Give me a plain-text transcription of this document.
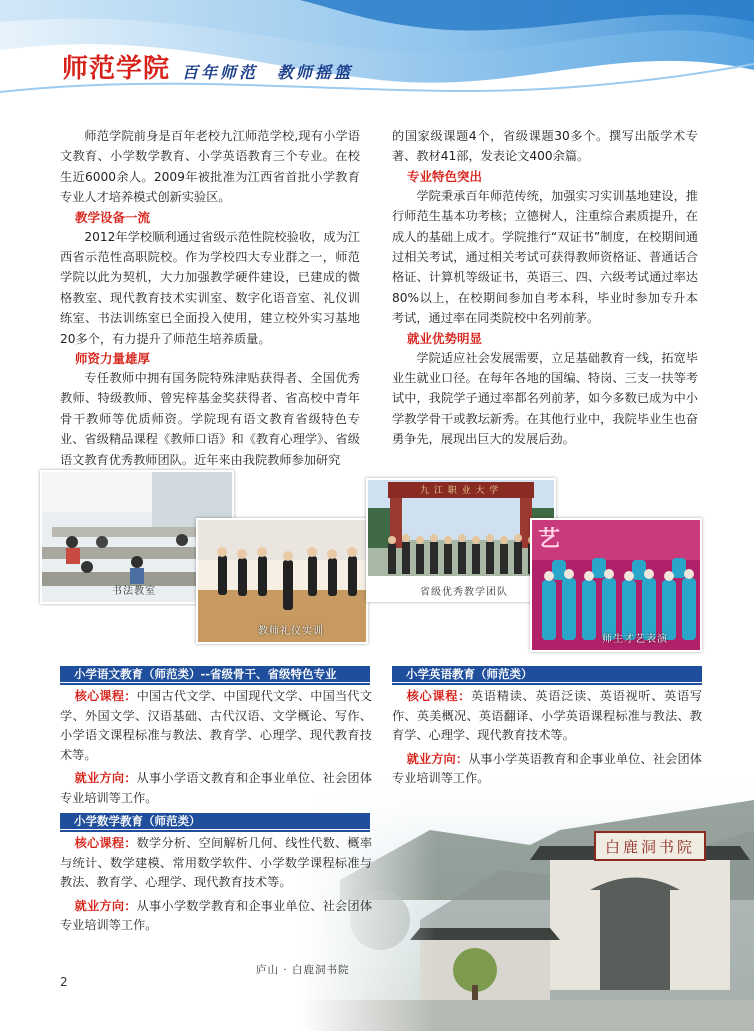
师范学院 百年师范　教师摇篮

师范学院前身是百年老校九江师范学校,现有小学语文教育、小学数学教育、小学英语教育三个专业。在校生近6000余人。2009年被批准为江西省首批小学教育专业人才培养模式创新实验区。

教学设备一流

2012年学校顺利通过省级示范性院校验收，成为江西省示范性高职院校。作为学校四大专业群之一，师范学院以此为契机，大力加强教学硬件建设，已建成的微格教室、现代教育技术实训室、数字化语音室、礼仪训练室、书法训练室已全面投入使用，建立校外实习基地20多个，有力提升了师范生培养质量。

师资力量雄厚

专任教师中拥有国务院特殊津贴获得者、全国优秀教师、特级教师、曾宪梓基金奖获得者、省高校中青年骨干教师等优质师资。学院现有语文教育省级特色专业、省级精品课程《教师口语》和《教育心理学》、省级语文教育优秀教师团队。近年来由我院教师参加研究

的国家级课题4个，省级课题30多个。撰写出版学术专著、教材41部，发表论文400余篇。

专业特色突出

学院秉承百年师范传统，加强实习实训基地建设，推行师范生基本功考核；立德树人，注重综合素质提升，在成人的基础上成才。学院推行“双证书”制度，在校期间通过相关考试，通过相关考试可获得教师资格证、普通话合格证、计算机等级证书，英语三、四、六级考试通过率达80%以上，在校期间参加自考本科，毕业时参加专升本考试，通过率在同类院校中名列前茅。

就业优势明显

学院适应社会发展需要，立足基础教育一线，拓宽毕业生就业口径。在每年各地的国编、特岗、三支一扶等考试中，我院学子通过率都名列前茅，如今多数已成为中小学教学骨干或教坛新秀。在其他行业中，我院毕业生也奋勇争先，展现出巨大的发展后劲。

书法教室
教师礼仪实训
九 江 职 业 大 学
省级优秀教学团队
艺
师生才艺表演
庐山 · 白鹿洞书院
小学语文教育（师范类）--省级骨干、省级特色专业

核心课程：中国古代文学、中国现代文学、中国当代文学、外国文学、汉语基础、古代汉语、文学概论、写作、小学语文课程标准与教法、教育学、心理学、现代教育技术等。

就业方向：从事小学语文教育和企事业单位、社会团体专业培训等工作。

小学英语教育（师范类）

核心课程：英语精读、英语泛读、英语视听、英语写作、英美概况、英语翻译、小学英语课程标准与教法、教育学、心理学、现代教育技术等。

就业方向：从事小学英语教育和企事业单位、社会团体专业培训等工作。

小学数学教育（师范类）

核心课程：数学分析、空间解析几何、线性代数、概率与统计、数学建模、常用数学软件、小学数学课程标准与教法、教育学、心理学、现代教育技术等。

就业方向：从事小学数学教育和企事业单位、社会团体专业培训等工作。

2
